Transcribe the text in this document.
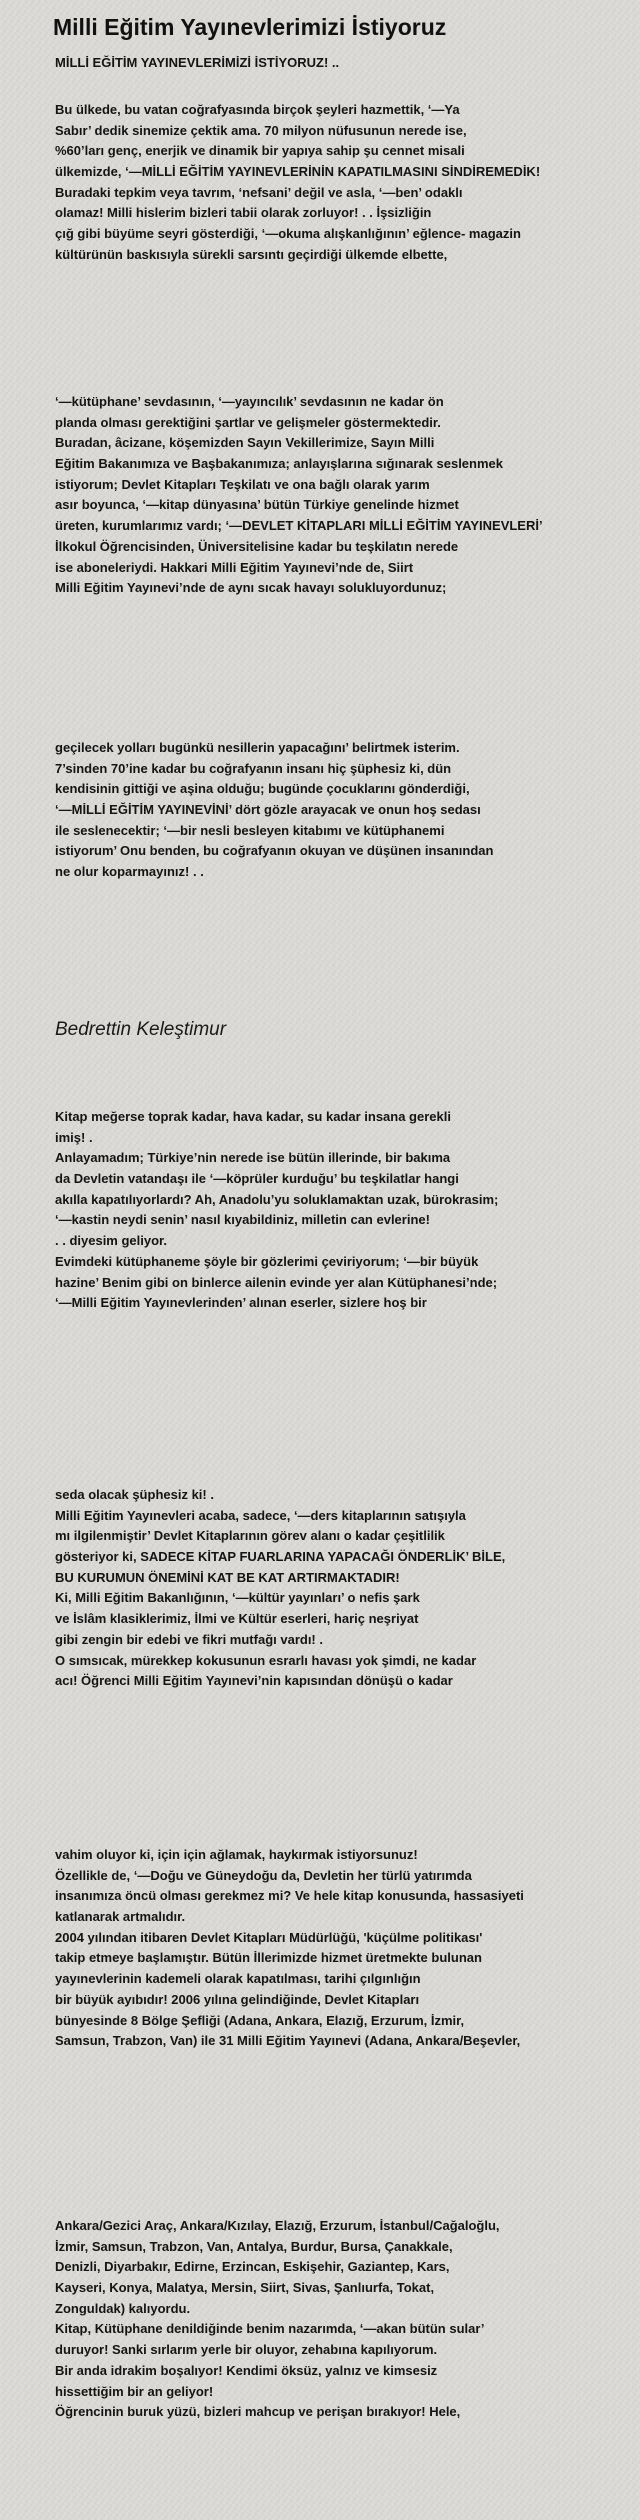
Milli Eğitim Yayınevlerimizi İstiyoruz
MİLLİ EĞİTİM YAYINEVLERİMİZİ İSTİYORUZ! ..
Bu ülkede, bu vatan coğrafyasında birçok şeyleri hazmettik, ‘—Ya
Sabır’ dedik sinemize çektik ama. 70 milyon nüfusunun nerede ise,
%60’ları genç, enerjik ve dinamik bir yapıya sahip şu cennet misali
ülkemizde, ‘—MİLLİ EĞİTİM YAYINEVLERİNİN KAPATILMASINI SİNDİREMEDİK!
Buradaki tepkim veya tavrım, ‘nefsani’ değil ve asla, ‘—ben’ odaklı
olamaz! Milli hislerim bizleri tabii olarak zorluyor! . . İşsizliğin
çığ gibi büyüme seyri gösterdiği, ‘—okuma alışkanlığının’ eğlence- magazin
kültürünün baskısıyla sürekli sarsıntı geçirdiği ülkemde elbette,
‘—kütüphane’ sevdasının, ‘—yayıncılık’ sevdasının ne kadar ön
planda olması gerektiğini şartlar ve gelişmeler göstermektedir.
Buradan, âcizane, köşemizden Sayın Vekillerimize, Sayın Milli
Eğitim Bakanımıza ve Başbakanımıza; anlayışlarına sığınarak seslenmek
istiyorum; Devlet Kitapları Teşkilatı ve ona bağlı olarak yarım
asır boyunca, ‘—kitap dünyasına’ bütün Türkiye genelinde hizmet
üreten, kurumlarımız vardı; ‘—DEVLET KİTAPLARI MİLLİ EĞİTİM YAYINEVLERİ’
İlkokul Öğrencisinden, Üniversitelisine kadar bu teşkilatın nerede
ise aboneleriydi. Hakkari Milli Eğitim Yayınevi’nde de, Siirt
Milli Eğitim Yayınevi’nde de aynı sıcak havayı solukluyordunuz;
geçilecek yolları bugünkü nesillerin yapacağını’ belirtmek isterim.
7’sinden 70’ine kadar bu coğrafyanın insanı hiç şüphesiz ki, dün
kendisinin gittiği ve aşina olduğu; bugünde çocuklarını gönderdiği,
‘—MİLLİ EĞİTİM YAYINEVİNİ’ dört gözle arayacak ve onun hoş sedası
ile seslenecektir; ‘—bir nesli besleyen kitabımı ve kütüphanemi
istiyorum’ Onu benden, bu coğrafyanın okuyan ve düşünen insanından
ne olur koparmayınız! . .
Bedrettin Keleştimur
Kitap meğerse toprak kadar, hava kadar, su kadar insana gerekli
imiş! .
Anlayamadım; Türkiye’nin nerede ise bütün illerinde, bir bakıma
da Devletin vatandaşı ile ‘—köprüler kurduğu’ bu teşkilatlar hangi
akılla kapatılıyorlardı? Ah, Anadolu’yu soluklamaktan uzak, bürokrasim;
‘—kastin neydi senin’ nasıl kıyabildiniz, milletin can evlerine!
. . diyesim geliyor.
Evimdeki kütüphaneme şöyle bir gözlerimi çeviriyorum; ‘—bir büyük
hazine’ Benim gibi on binlerce ailenin evinde yer alan Kütüphanesi’nde;
‘—Milli Eğitim Yayınevlerinden’ alınan eserler, sizlere hoş bir
seda olacak şüphesiz ki! .
Milli Eğitim Yayınevleri acaba, sadece, ‘—ders kitaplarının satışıyla
mı ilgilenmiştir’ Devlet Kitaplarının görev alanı o kadar çeşitlilik
gösteriyor ki, SADECE KİTAP FUARLARINA YAPACAĞI ÖNDERLİK’ BİLE,
BU KURUMUN ÖNEMİNİ KAT BE KAT ARTIRMAKTADIR!
Ki, Milli Eğitim Bakanlığının, ‘—kültür yayınları’ o nefis şark
ve İslâm klasiklerimiz, İlmi ve Kültür eserleri, hariç neşriyat
gibi zengin bir edebi ve fikri mutfağı vardı! .
O sımsıcak, mürekkep kokusunun esrarlı havası yok şimdi, ne kadar
acı! Öğrenci Milli Eğitim Yayınevi’nin kapısından dönüşü o kadar
vahim oluyor ki, için için ağlamak, haykırmak istiyorsunuz!
Özellikle de, ‘—Doğu ve Güneydoğu da, Devletin her türlü yatırımda
insanımıza öncü olması gerekmez mi? Ve hele kitap konusunda, hassasiyeti
katlanarak artmalıdır.
2004 yılından itibaren Devlet Kitapları Müdürlüğü, 'küçülme politikası'
takip etmeye başlamıştır. Bütün İllerimizde hizmet üretmekte bulunan
yayınevlerinin kademeli olarak kapatılması, tarihi çılgınlığın
bir büyük ayıbıdır! 2006 yılına gelindiğinde, Devlet Kitapları
bünyesinde 8 Bölge Şefliği (Adana, Ankara, Elazığ, Erzurum, İzmir,
Samsun, Trabzon, Van) ile 31 Milli Eğitim Yayınevi (Adana, Ankara/Beşevler,
Ankara/Gezici Araç, Ankara/Kızılay, Elazığ, Erzurum, İstanbul/Cağaloğlu,
İzmir, Samsun, Trabzon, Van, Antalya, Burdur, Bursa, Çanakkale,
Denizli, Diyarbakır, Edirne, Erzincan, Eskişehir, Gaziantep, Kars,
Kayseri, Konya, Malatya, Mersin, Siirt, Sivas, Şanlıurfa, Tokat,
Zonguldak) kalıyordu.
Kitap, Kütüphane denildiğinde benim nazarımda, ‘—akan bütün sular’
duruyor! Sanki sırlarım yerle bir oluyor, zehabına kapılıyorum.
Bir anda idrakim boşalıyor! Kendimi öksüz, yalnız ve kimsesiz
hissettiğim bir an geliyor!
Öğrencinin buruk yüzü, bizleri mahcup ve perişan bırakıyor! Hele,
